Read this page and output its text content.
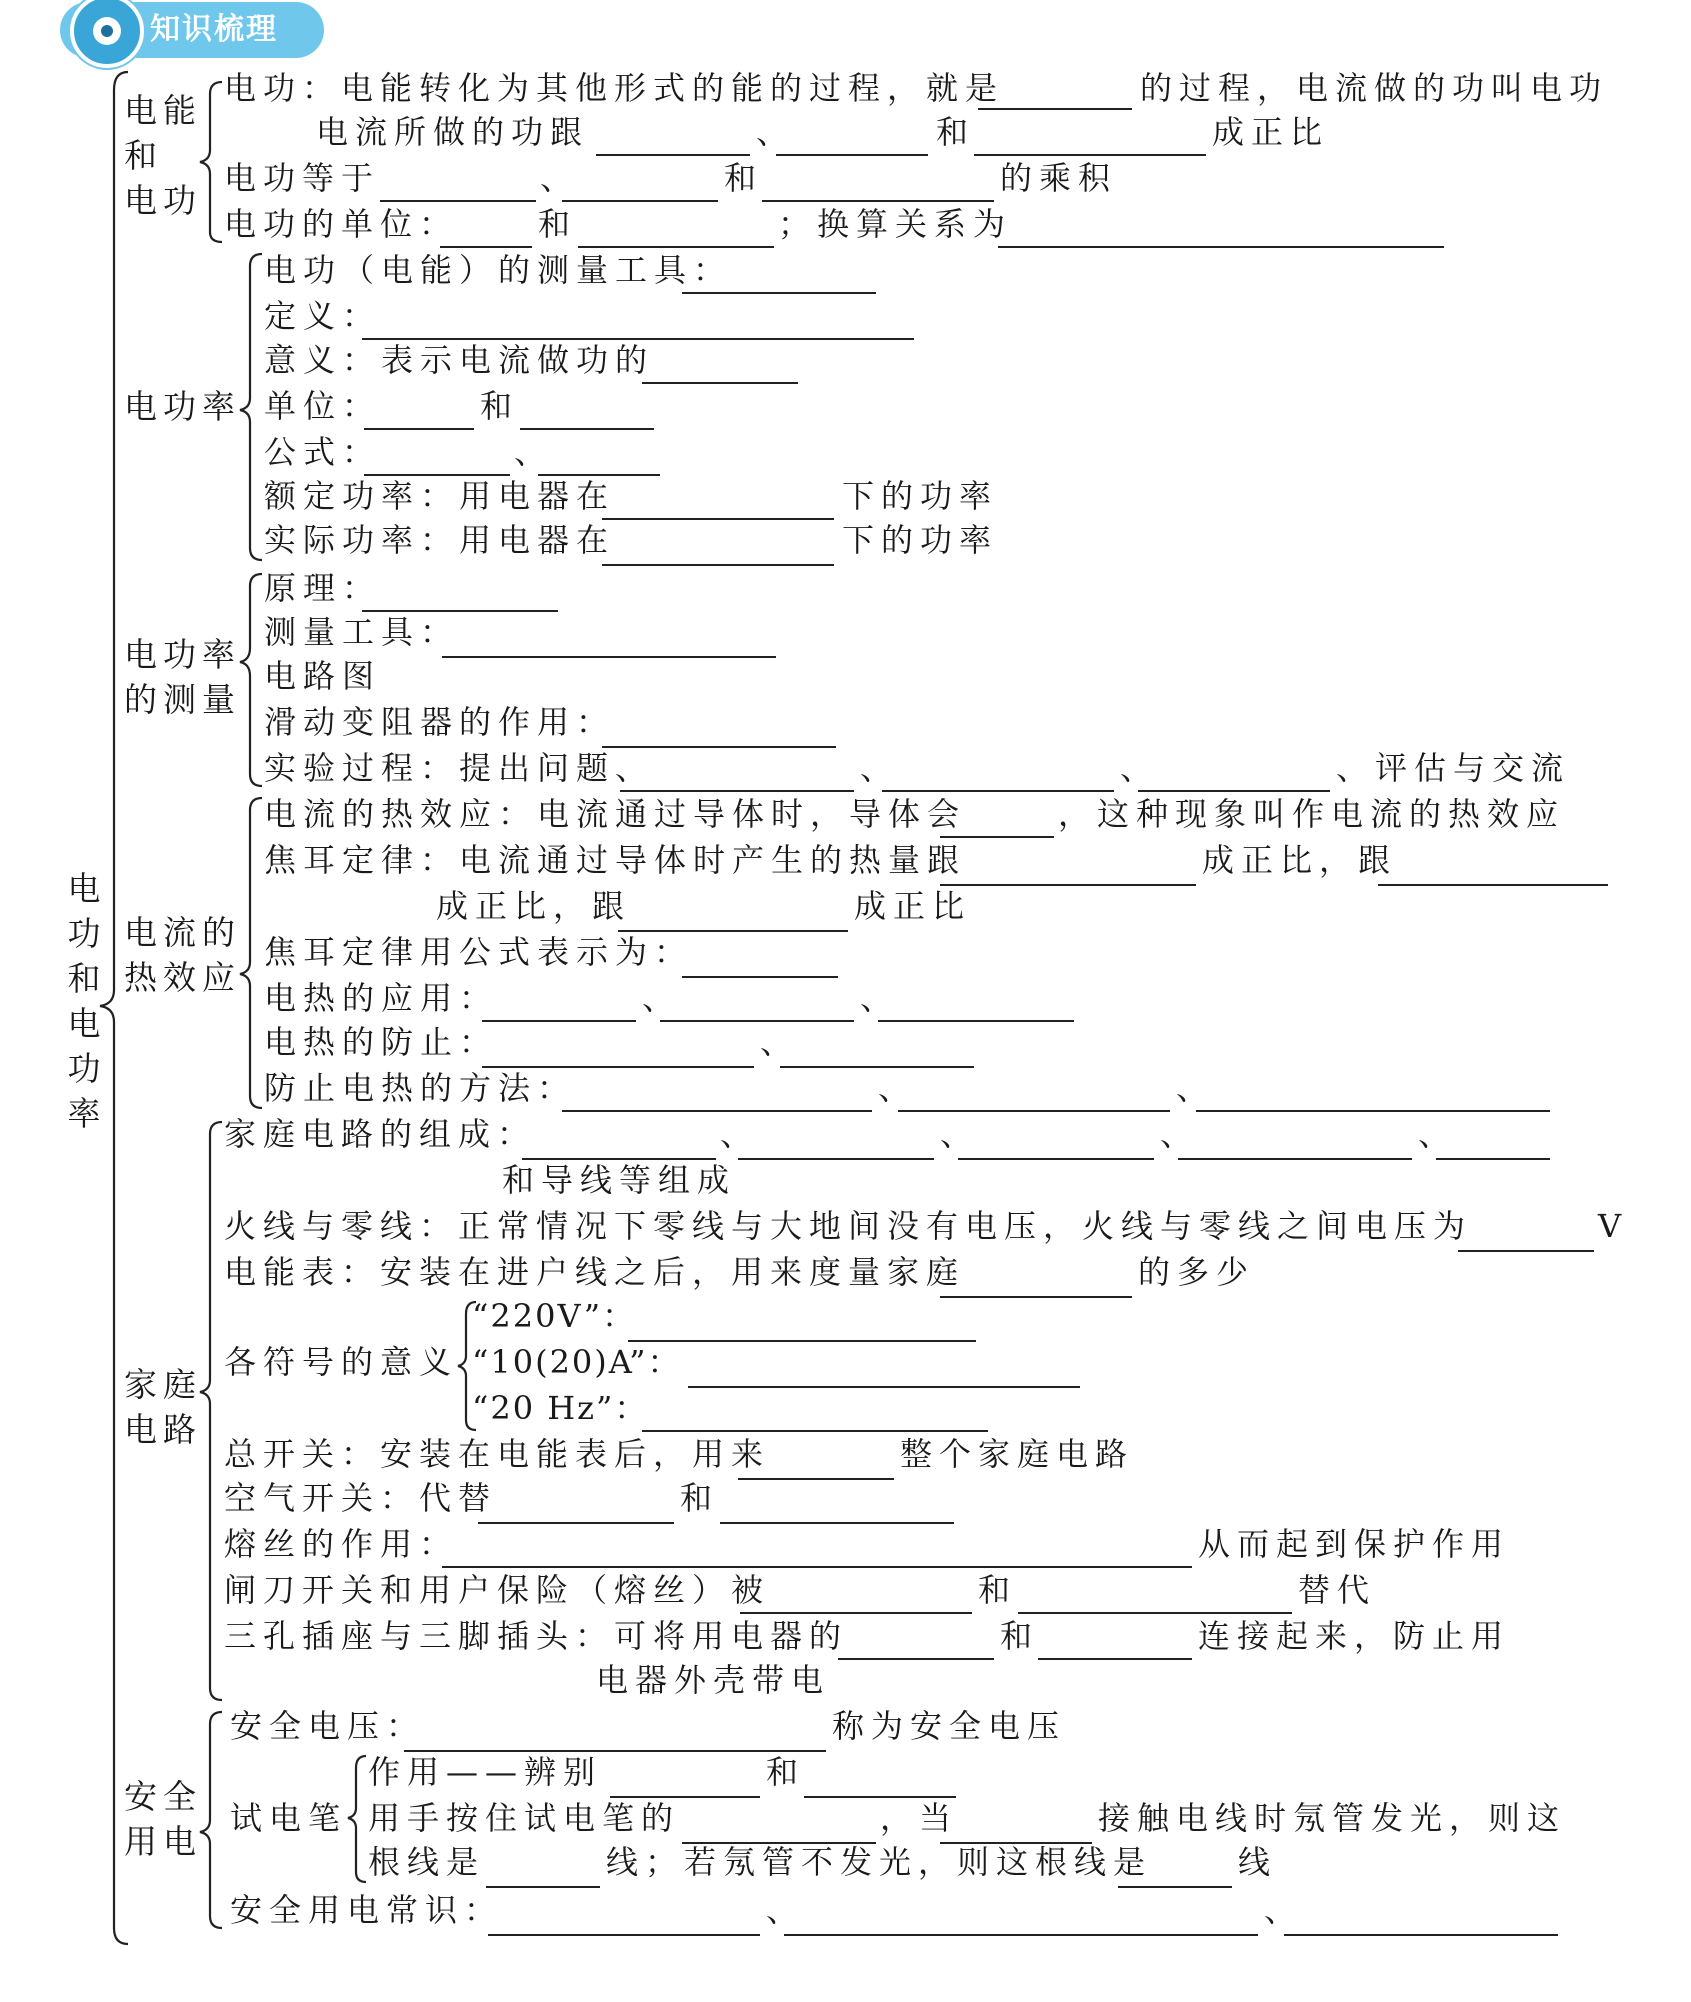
知识梳理
电功和电功率
电能
和
电功
电功：电能转化为其他形式的能的过程，就是	的过程，电流做的功叫电功
电流所做的功跟	、	和	成正比
电功等于	、	和	的乘积
电功的单位： 和	；换算关系为
电功率
电功（电能）的测量工具：
定义：
意义：表示电流做功的
单位：	和
公式：	、
额定功率：用电器在	下的功率
实际功率：用电器在	下的功率
电功率
的测量
原理：
测量工具：
电路图
滑动变阻器的作用：
实验过程：提出问题、	、	、	、评估与交流
电流的
热效应
电流的热效应：电流通过导体时，导体会	，这种现象叫作电流的热效应
焦耳定律：电流通过导体时产生的热量跟	成正比，跟
成正比，跟	成正比
焦耳定律用公式表示为：
电热的应用：	、	、
电热的防止：	、
防止电热的方法：	、	、
家庭
电路
家庭电路的组成：	、	、	、	、
和导线等组成
火线与零线：正常情况下零线与大地间没有电压，火线与零线之间电压为	V
电能表：安装在进户线之后，用来度量家庭	的多少
各符号的意义
“220V”：
“10(20)A”：
“20 Hz”：
总开关：安装在电能表后，用来	整个家庭电路
空气开关：代替	和
熔丝的作用：	从而起到保护作用
闸刀开关和用户保险（熔丝）被	和	替代
三孔插座与三脚插头：可将用电器的	和	连接起来，防止用
电器外壳带电
安全
用电
安全电压：	称为安全电压
试电笔
作用——辨别	和
用手按住试电笔的	，当	接触电线时氖管发光，则这
根线是	线；若氖管不发光，则这根线是	线
安全用电常识：	、	、
